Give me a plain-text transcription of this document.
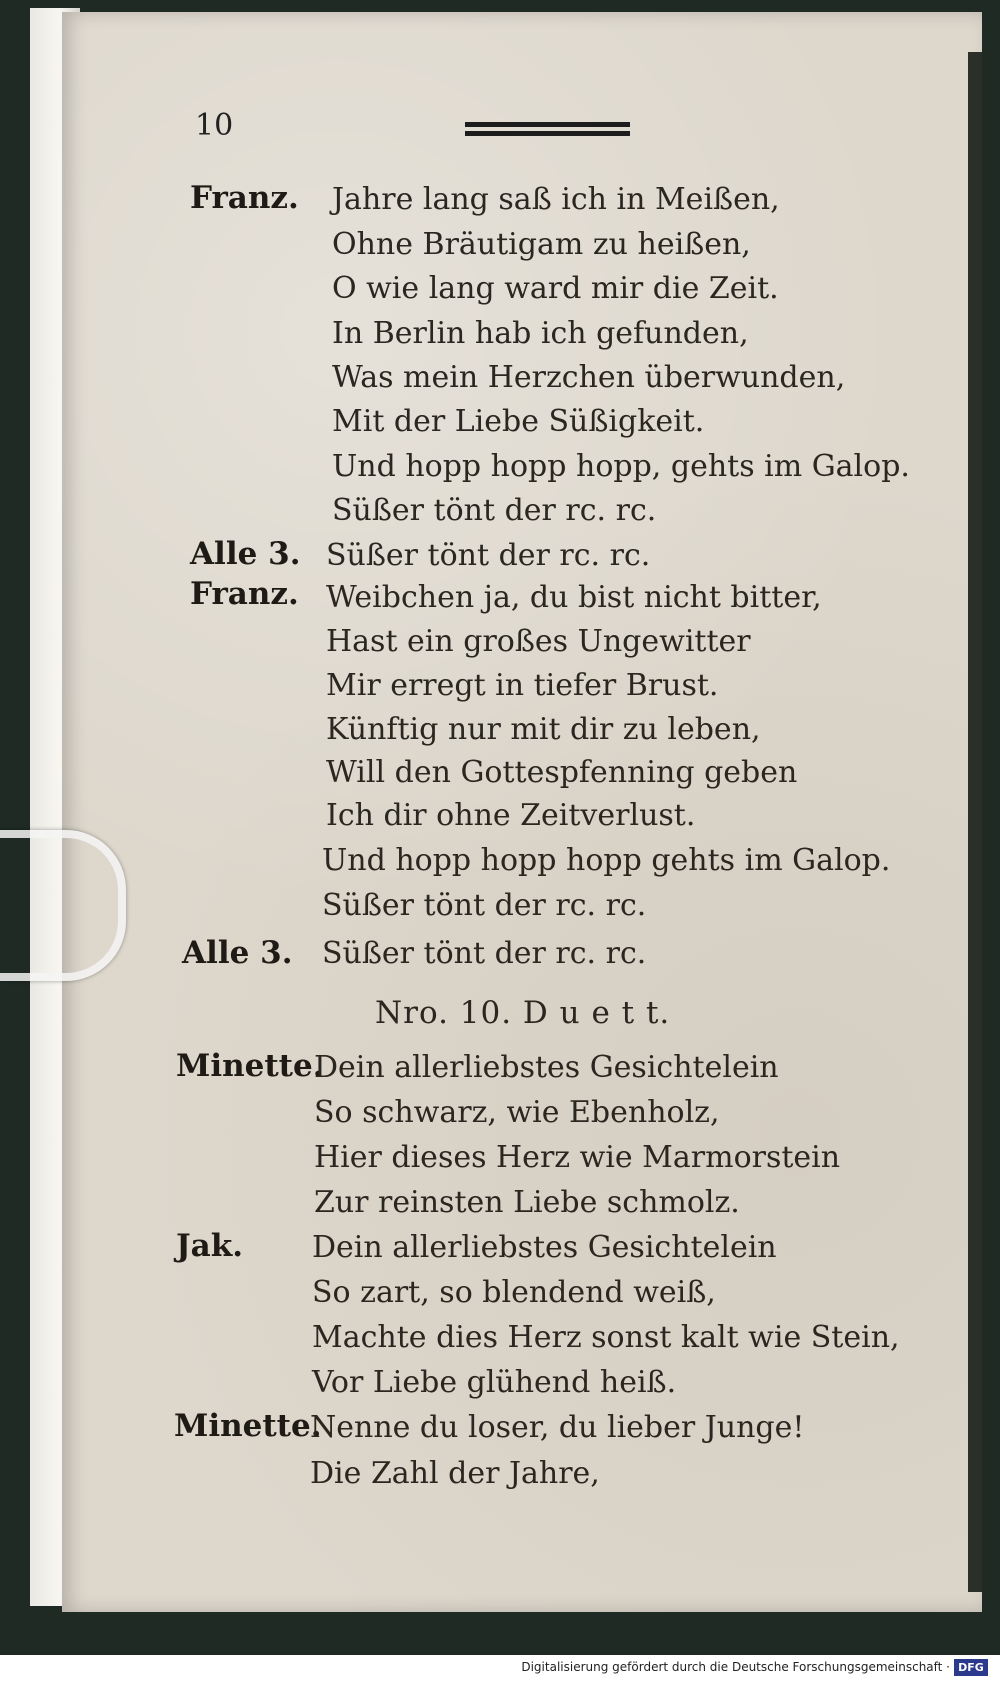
10
Franz.
Alle 3.
Franz.
Alle 3.
Minette.
Jak.
Minette.
Jahre lang saß ich in Meißen,
Ohne Bräutigam zu heißen,
O wie lang ward mir die Zeit.
In Berlin hab ich gefunden,
Was mein Herzchen überwunden,
Mit der Liebe Süßigkeit.
Und hopp hopp hopp, gehts im Galop.
Süßer tönt der rc. rc.
Süßer tönt der rc. rc.
Weibchen ja, du bist nicht bitter,
Hast ein großes Ungewitter
Mir erregt in tiefer Brust.
Künftig nur mit dir zu leben,
Will den Gottespfenning geben
Ich dir ohne Zeitverlust.
Und hopp hopp hopp gehts im Galop.
Süßer tönt der rc. rc.
Süßer tönt der rc. rc.
Nro. 10. D u e t t.
Dein allerliebstes Gesichtelein
So schwarz, wie Ebenholz,
Hier dieses Herz wie Marmorstein
Zur reinsten Liebe schmolz.
Dein allerliebstes Gesichtelein
So zart, so blendend weiß,
Machte dies Herz sonst kalt wie Stein,
Vor Liebe glühend heiß.
Nenne du loser, du lieber Junge!
Die Zahl der Jahre,
Digitalisierung gefördert durch die Deutsche Forschungsgemeinschaft · DFG
